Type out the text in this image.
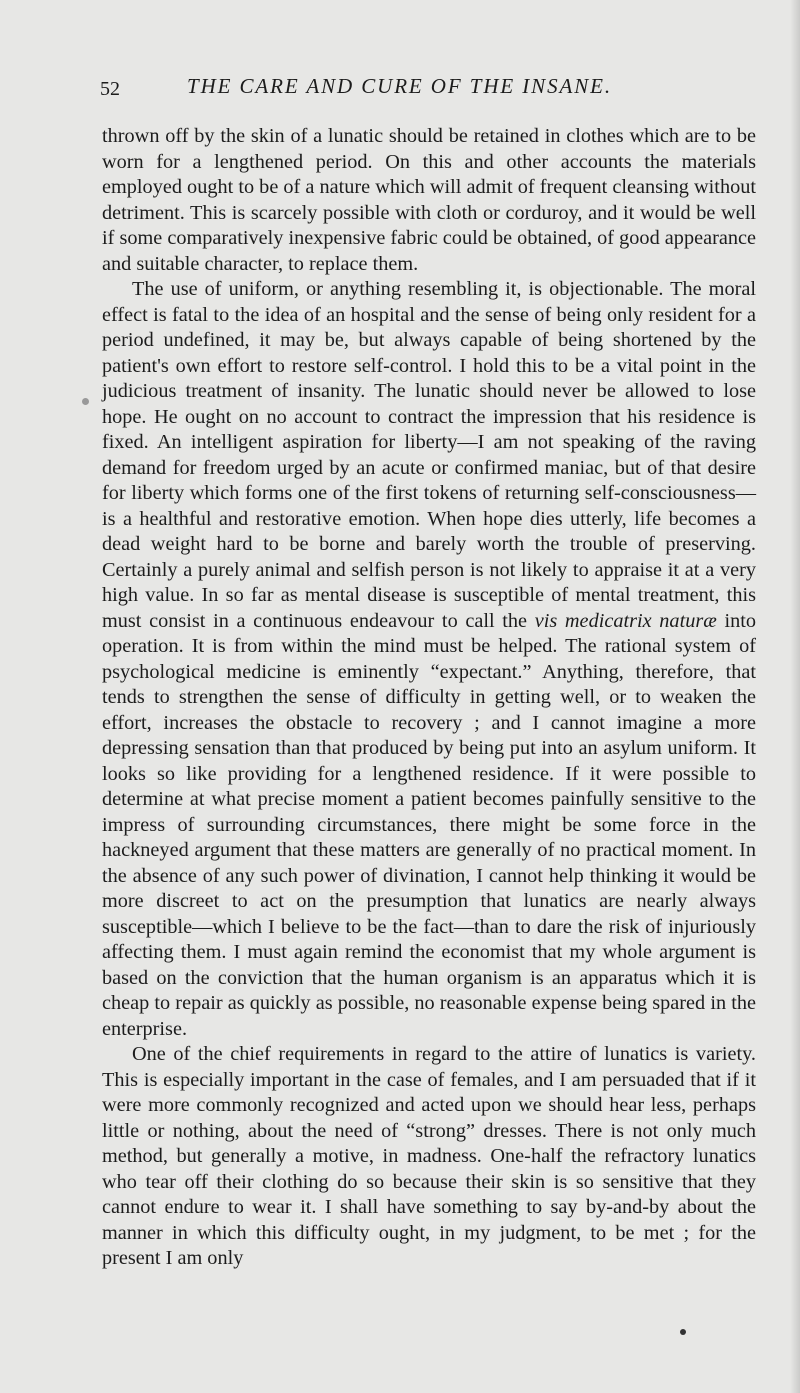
52	THE CARE AND CURE OF THE INSANE.

thrown off by the skin of a lunatic should be retained in clothes which are to be worn for a lengthened period. On this and other accounts the materials employed ought to be of a nature which will admit of frequent cleansing without detriment. This is scarcely possible with cloth or corduroy, and it would be well if some comparatively inexpensive fabric could be obtained, of good appearance and suitable character, to replace them.

The use of uniform, or anything resembling it, is objectionable. The moral effect is fatal to the idea of an hospital and the sense of being only resident for a period undefined, it may be, but always capable of being shortened by the patient's own effort to restore self-control. I hold this to be a vital point in the judicious treatment of insanity. The lunatic should never be allowed to lose hope. He ought on no account to contract the impression that his residence is fixed. An intelligent aspiration for liberty—I am not speaking of the raving demand for freedom urged by an acute or confirmed maniac, but of that desire for liberty which forms one of the first tokens of returning self-consciousness—is a healthful and restorative emotion. When hope dies utterly, life becomes a dead weight hard to be borne and barely worth the trouble of preserving. Certainly a purely animal and selfish person is not likely to appraise it at a very high value. In so far as mental disease is susceptible of mental treatment, this must consist in a continuous endeavour to call the vis medicatrix naturæ into operation. It is from within the mind must be helped. The rational system of psychological medicine is eminently “expectant.” Anything, therefore, that tends to strengthen the sense of difficulty in getting well, or to weaken the effort, increases the obstacle to recovery ; and I cannot imagine a more depressing sensation than that produced by being put into an asylum uniform. It looks so like providing for a lengthened residence. If it were possible to determine at what precise moment a patient becomes painfully sensitive to the impress of surrounding circumstances, there might be some force in the hackneyed argument that these matters are generally of no practical moment. In the absence of any such power of divination, I cannot help thinking it would be more discreet to act on the presumption that lunatics are nearly always susceptible—which I believe to be the fact—than to dare the risk of injuriously affecting them. I must again remind the economist that my whole argument is based on the conviction that the human organism is an apparatus which it is cheap to repair as quickly as possible, no reasonable expense being spared in the enterprise.

One of the chief requirements in regard to the attire of lunatics is variety. This is especially important in the case of females, and I am persuaded that if it were more commonly recognized and acted upon we should hear less, perhaps little or nothing, about the need of “strong” dresses. There is not only much method, but generally a motive, in madness. One-half the refractory lunatics who tear off their clothing do so because their skin is so sensitive that they cannot endure to wear it. I shall have something to say by-and-by about the manner in which this difficulty ought, in my judgment, to be met ; for the present I am only
